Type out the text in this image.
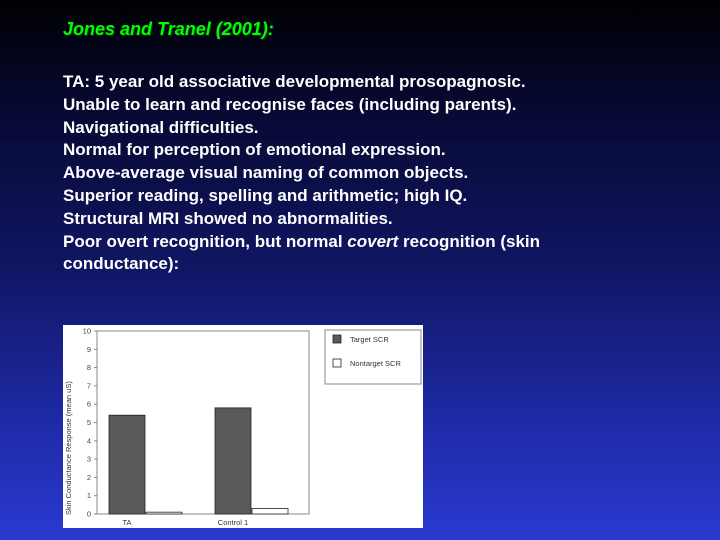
Jones and Tranel (2001):
TA: 5 year old associative developmental prosopagnosic.
Unable to learn and recognise faces (including parents).
Navigational difficulties.
Normal for perception of emotional expression.
Above-average visual naming of common objects.
Superior reading, spelling and arithmetic; high IQ.
Structural MRI showed no abnormalities.
Poor overt recognition, but normal covert recognition (skin
conductance):
Skin Conductance Response (mean uS) 0
1
2
3
4
5
6
7
8
9
10
TA	Control 1
Target SCR
Nontarget SCR
